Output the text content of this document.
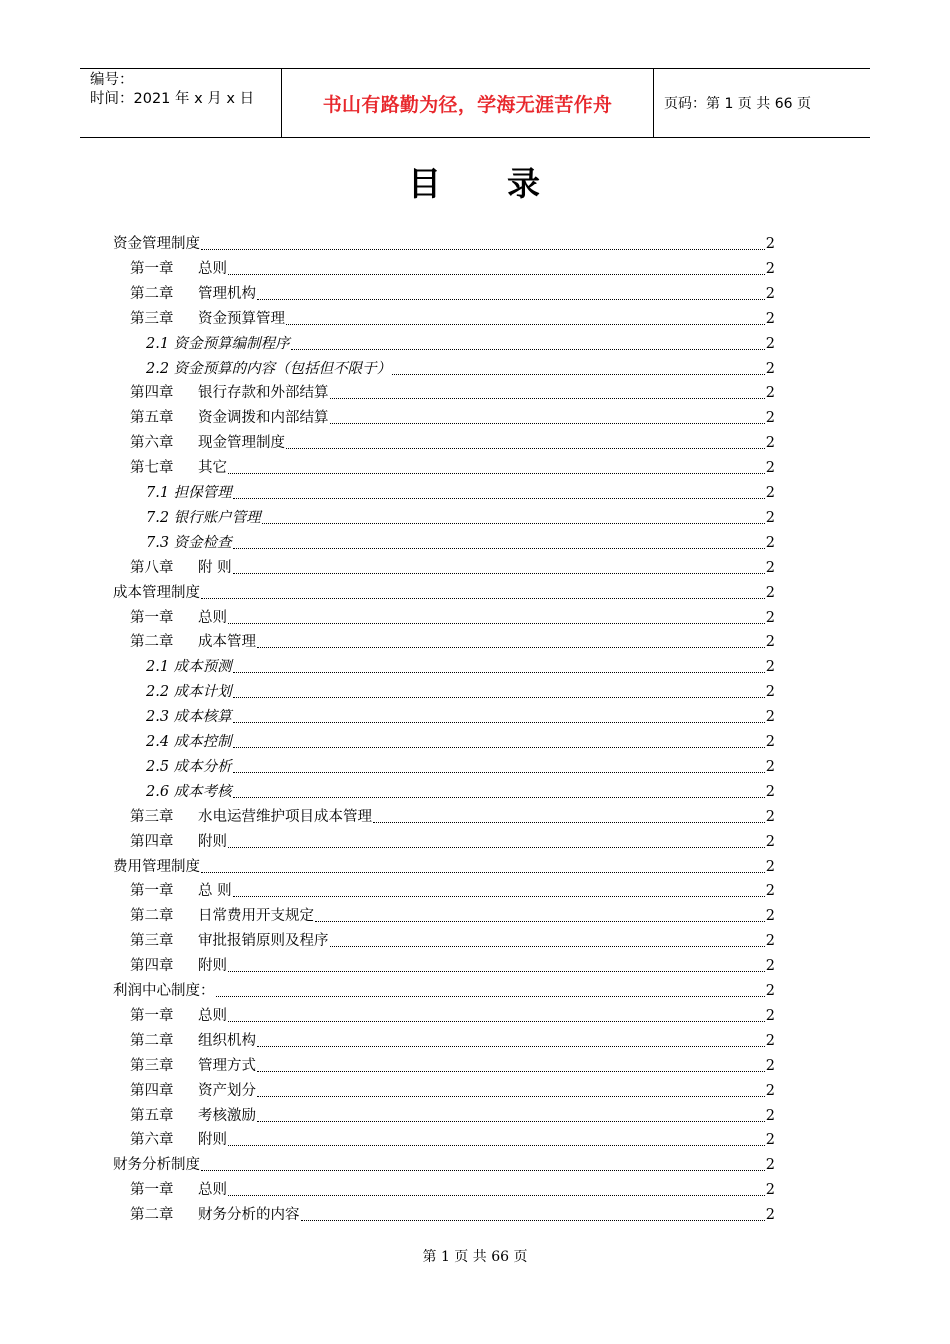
编号：
时间：2021 年 x 月 x 日	书山有路勤为径，学海无涯苦作舟	页码：第 1 页 共 66 页
目 录
资金管理制度	2
第一章 总则	2
第二章 管理机构	2
第三章 资金预算管理	2
2.1 资金预算编制程序	2
2.2 资金预算的内容（包括但不限于）	2
第四章 银行存款和外部结算	2
第五章 资金调拨和内部结算	2
第六章 现金管理制度	2
第七章 其它	2
7.1 担保管理	2
7.2 银行账户管理	2
7.3 资金检查	2
第八章 附 则	2
成本管理制度	2
第一章 总则	2
第二章 成本管理	2
2.1 成本预测	2
2.2 成本计划	2
2.3 成本核算	2
2.4 成本控制	2
2.5 成本分析	2
2.6 成本考核	2
第三章 水电运营维护项目成本管理	2
第四章 附则	2
费用管理制度	2
第一章 总 则	2
第二章 日常费用开支规定	2
第三章 审批报销原则及程序	2
第四章 附则	2
利润中心制度：	2
第一章 总则	2
第二章 组织机构	2
第三章 管理方式	2
第四章 资产划分	2
第五章 考核激励	2
第六章 附则	2
财务分析制度	2
第一章 总则	2
第二章 财务分析的内容	2
第 1 页 共 66 页
